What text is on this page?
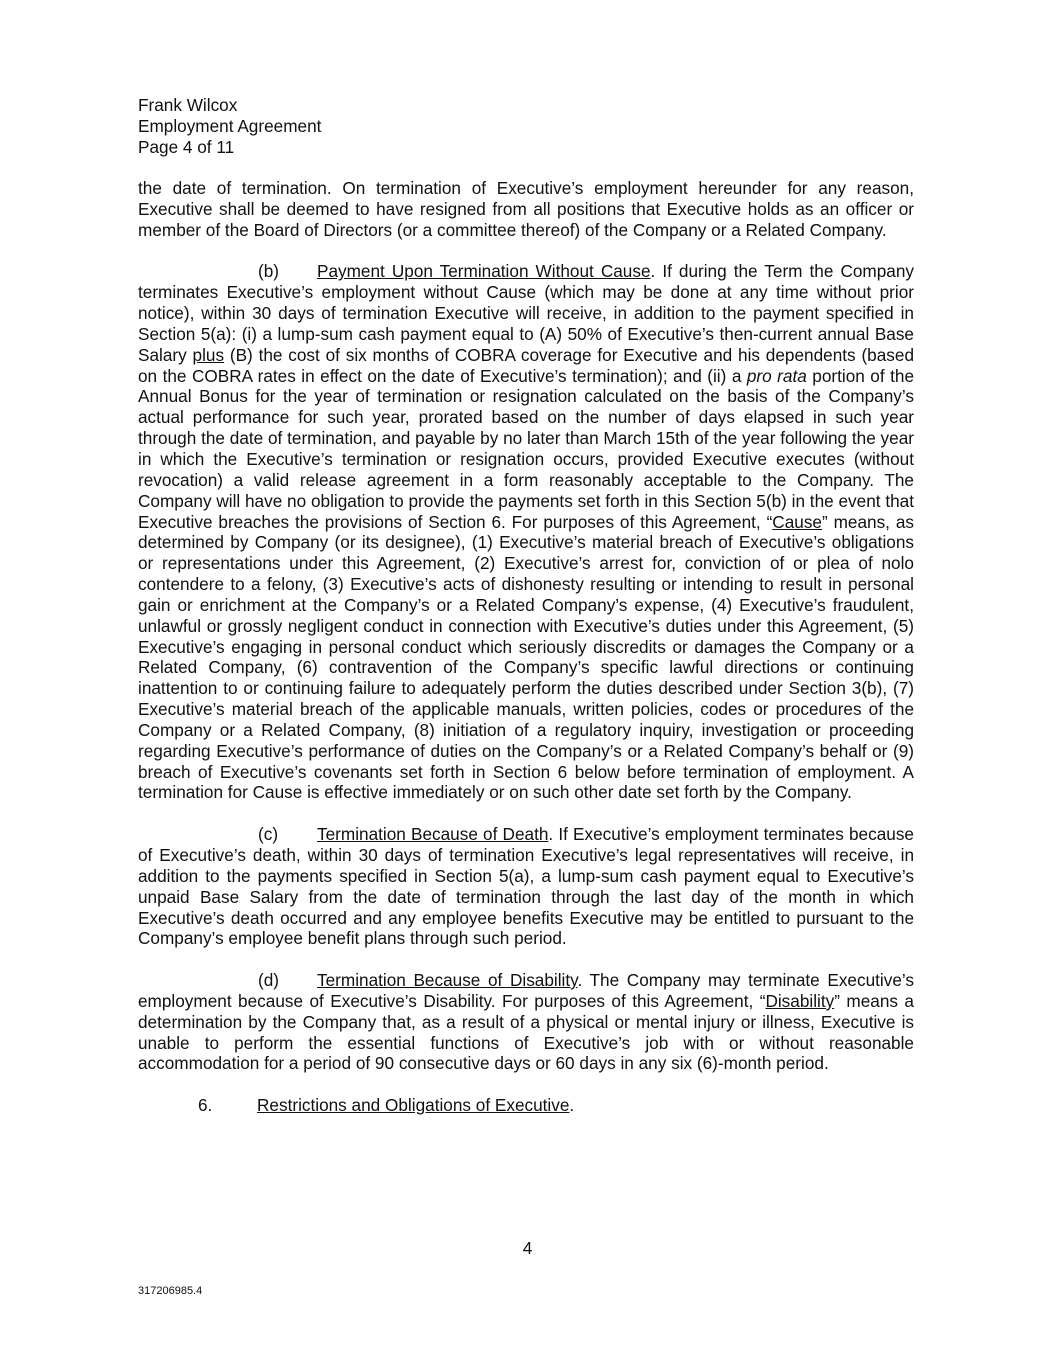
Frank Wilcox
Employment Agreement
Page 4 of 11

the date of termination. On termination of Executive’s employment hereunder for any reason, Executive shall be deemed to have resigned from all positions that Executive holds as an officer or member of the Board of Directors (or a committee thereof) of the Company or a Related Company.

(b) Payment Upon Termination Without Cause. If during the Term the Company terminates Executive’s employment without Cause (which may be done at any time without prior notice), within 30 days of termination Executive will receive, in addition to the payment specified in Section 5(a): (i) a lump-sum cash payment equal to (A) 50% of Executive’s then-current annual Base Salary plus (B) the cost of six months of COBRA coverage for Executive and his dependents (based on the COBRA rates in effect on the date of Executive’s termination); and (ii) a pro rata portion of the Annual Bonus for the year of termination or resignation calculated on the basis of the Company’s actual performance for such year, prorated based on the number of days elapsed in such year through the date of termination, and payable by no later than March 15th of the year following the year in which the Executive’s termination or resignation occurs, provided Executive executes (without revocation) a valid release agreement in a form reasonably acceptable to the Company. The Company will have no obligation to provide the payments set forth in this Section 5(b) in the event that Executive breaches the provisions of Section 6. For purposes of this Agreement, “Cause” means, as determined by Company (or its designee), (1) Executive’s material breach of Executive’s obligations or representations under this Agreement, (2) Executive’s arrest for, conviction of or plea of nolo contendere to a felony, (3) Executive’s acts of dishonesty resulting or intending to result in personal gain or enrichment at the Company’s or a Related Company’s expense, (4) Executive’s fraudulent, unlawful or grossly negligent conduct in connection with Executive’s duties under this Agreement, (5) Executive’s engaging in personal conduct which seriously discredits or damages the Company or a Related Company, (6) contravention of the Company’s specific lawful directions or continuing inattention to or continuing failure to adequately perform the duties described under Section 3(b), (7) Executive’s material breach of the applicable manuals, written policies, codes or procedures of the Company or a Related Company, (8) initiation of a regulatory inquiry, investigation or proceeding regarding Executive’s performance of duties on the Company’s or a Related Company’s behalf or (9) breach of Executive’s covenants set forth in Section 6 below before termination of employment. A termination for Cause is effective immediately or on such other date set forth by the Company.

(c) Termination Because of Death. If Executive’s employment terminates because of Executive’s death, within 30 days of termination Executive’s legal representatives will receive, in addition to the payments specified in Section 5(a), a lump-sum cash payment equal to Executive’s unpaid Base Salary from the date of termination through the last day of the month in which Executive’s death occurred and any employee benefits Executive may be entitled to pursuant to the Company’s employee benefit plans through such period.

(d) Termination Because of Disability. The Company may terminate Executive’s employment because of Executive’s Disability. For purposes of this Agreement, “Disability” means a determination by the Company that, as a result of a physical or mental injury or illness, Executive is unable to perform the essential functions of Executive’s job with or without reasonable accommodation for a period of 90 consecutive days or 60 days in any six (6)-month period.

6.	Restrictions and Obligations of Executive.
4
317206985.4
